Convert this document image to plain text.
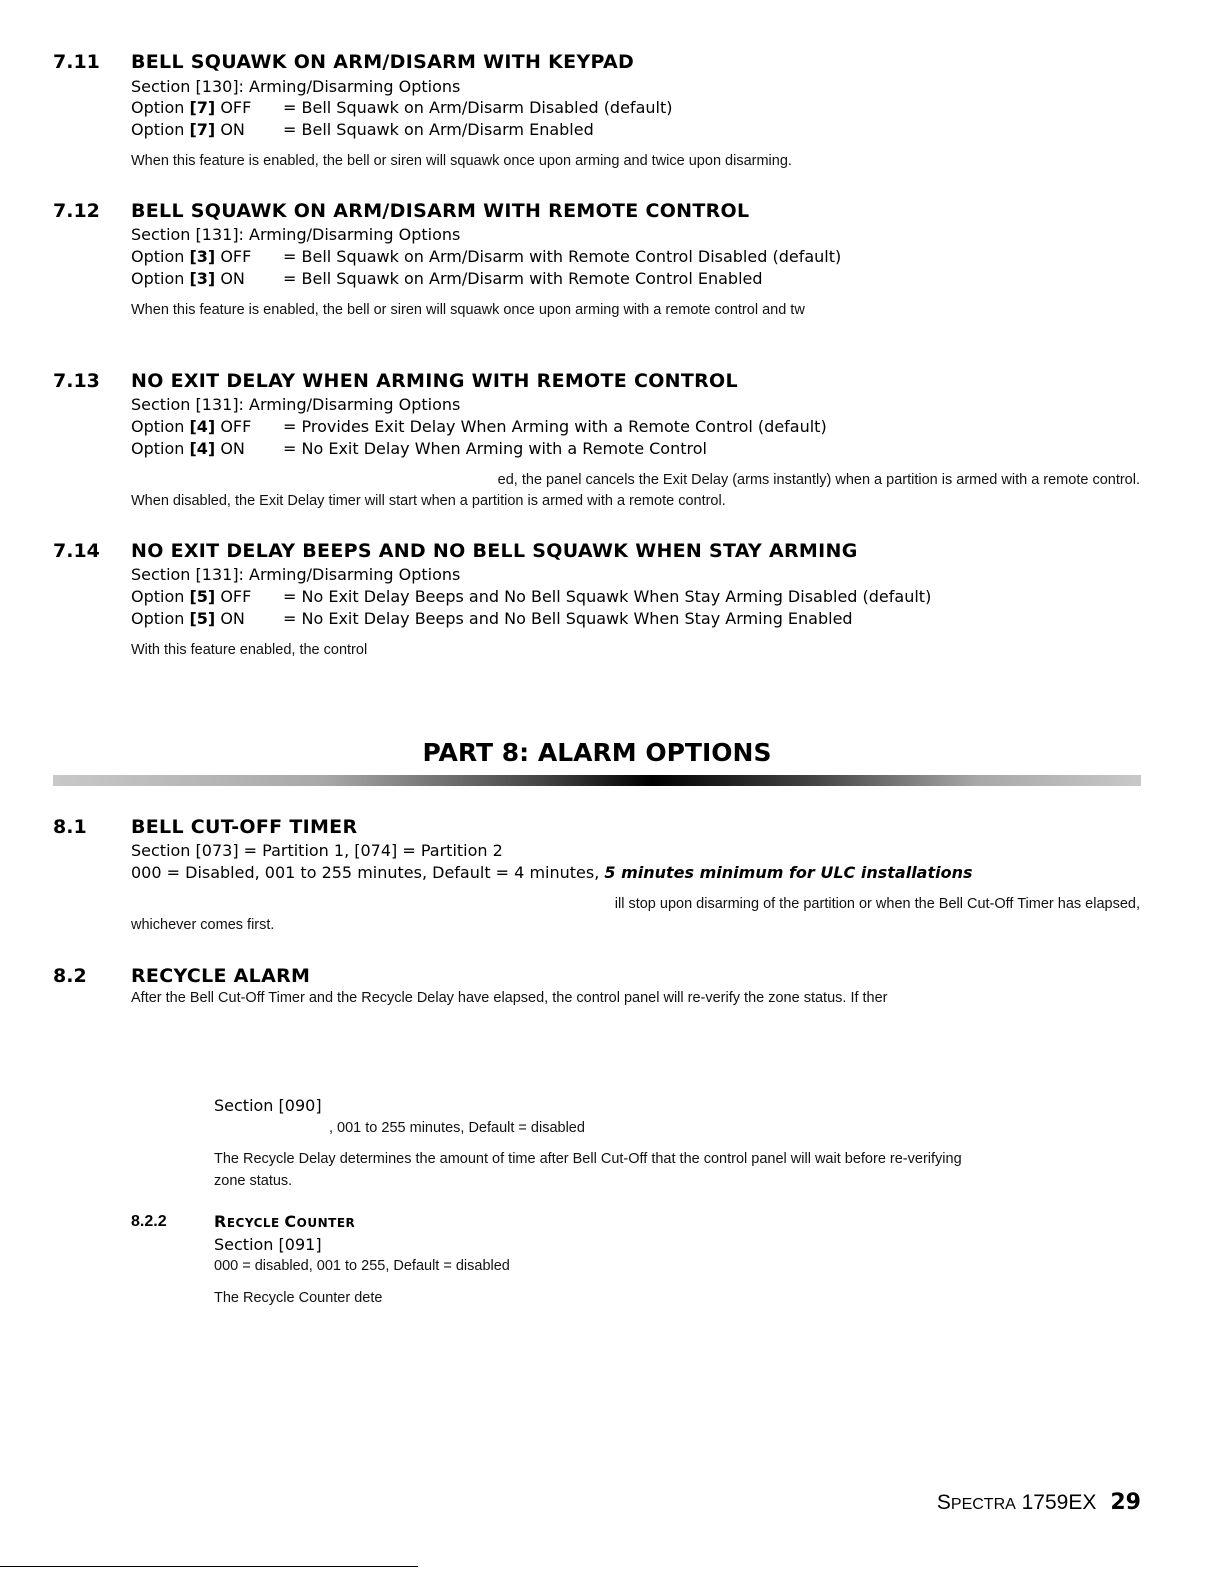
7.11 BELL SQUAWK ON ARM/DISARM WITH KEYPAD
Section [130]: Arming/Disarming Options
Option [7] OFF = Bell Squawk on Arm/Disarm Disabled (default)
Option [7] ON = Bell Squawk on Arm/Disarm Enabled
When this feature is enabled, the bell or siren will squawk once upon arming and twice upon disarming.
7.12 BELL SQUAWK ON ARM/DISARM WITH REMOTE CONTROL
Section [131]: Arming/Disarming Options
Option [3] OFF = Bell Squawk on Arm/Disarm with Remote Control Disabled (default)
Option [3] ON = Bell Squawk on Arm/Disarm with Remote Control Enabled
When this feature is enabled, the bell or siren will squawk once upon arming with a remote control and tw
7.13 NO EXIT DELAY WHEN ARMING WITH REMOTE CONTROL
Section [131]: Arming/Disarming Options
Option [4] OFF = Provides Exit Delay When Arming with a Remote Control (default)
Option [4] ON = No Exit Delay When Arming with a Remote Control
ed, the panel cancels the Exit Delay (arms instantly) when a partition is armed with a remote control.
When disabled, the Exit Delay timer will start when a partition is armed with a remote control.
7.14 NO EXIT DELAY BEEPS AND NO BELL SQUAWK WHEN STAY ARMING
Section [131]: Arming/Disarming Options
Option [5] OFF = No Exit Delay Beeps and No Bell Squawk When Stay Arming Disabled (default)
Option [5] ON = No Exit Delay Beeps and No Bell Squawk When Stay Arming Enabled
With this feature enabled, the control
PART 8: ALARM OPTIONS
8.1 BELL CUT-OFF TIMER
Section [073] = Partition 1, [074] = Partition 2
000 = Disabled, 001 to 255 minutes, Default = 4 minutes, 5 minutes minimum for ULC installations
ill stop upon disarming of the partition or when the Bell Cut-Off Timer has elapsed,
whichever comes first.
8.2 RECYCLE ALARM
After the Bell Cut-Off Timer and the Recycle Delay have elapsed, the control panel will re-verify the zone status. If ther
Section [090]
, 001 to 255 minutes, Default = disabled
The Recycle Delay determines the amount of time after Bell Cut-Off that the control panel will wait before re-verifying
zone status.
8.2.2	RECYCLE COUNTER
Section [091]
000 = disabled, 001 to 255, Default = disabled
The Recycle Counter dete
SPECTRA 1759EX 29
